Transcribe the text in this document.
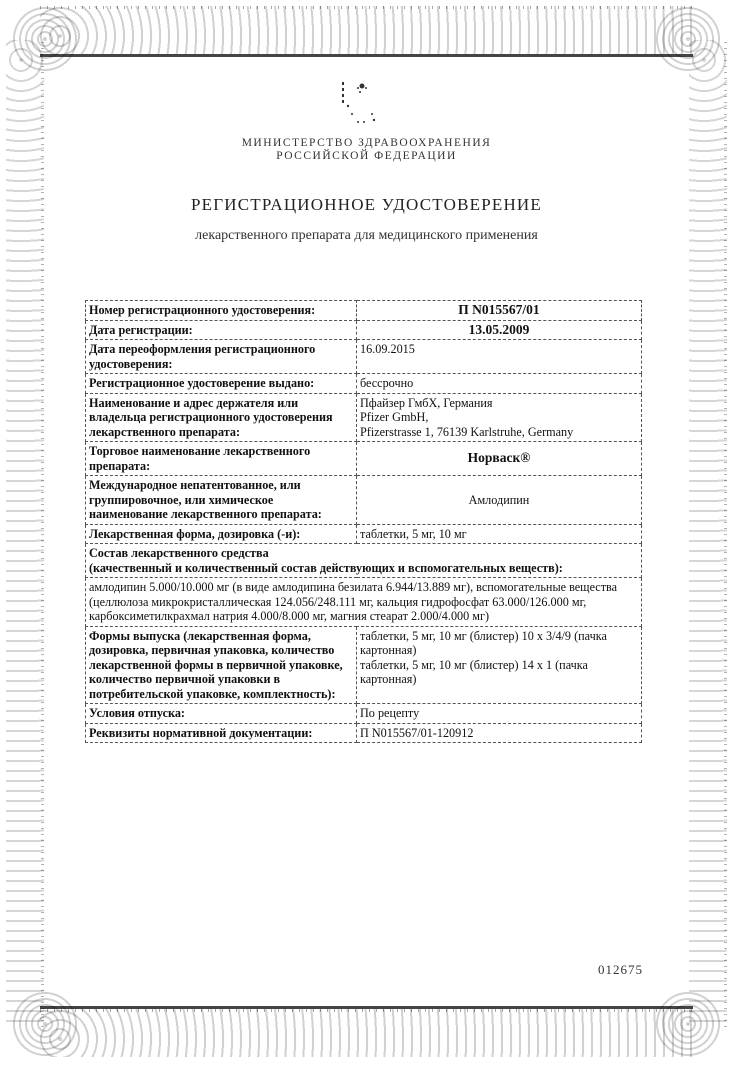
МИНИСТЕРСТВО ЗДРАВООХРАНЕНИЯ
РОССИЙСКОЙ ФЕДЕРАЦИИ
РЕГИСТРАЦИОННОЕ УДОСТОВЕРЕНИЕ
лекарственного препарата для медицинского применения
Номер регистрационного удостоверения:	П N015567/01
Дата регистрации:	13.05.2009
Дата переоформления регистрационного удостоверения:	16.09.2015
Регистрационное удостоверение выдано:	бессрочно
Наименование и адрес держателя или владельца регистрационного удостоверения лекарственного препарата:	Пфайзер ГмбХ, Германия
Pfizer GmbH,
Pfizerstrasse 1, 76139 Karlstruhe, Germany

Торговое наименование лекарственного препарата:	Норваск®
Международное непатентованное, или группировочное, или химическое наименование лекарственного препарата:	Амлодипин
Лекарственная форма, дозировка (-и):	таблетки, 5 мг, 10 мг

Состав лекарственного средства
(качественный и количественный состав действующих и вспомогательных веществ):	

амлодипин 5.000/10.000 мг (в виде амлодипина безилата 6.944/13.889 мг), вспомогательные вещества (целлюлоза микрокристаллическая 124.056/248.111 мг, кальция гидрофосфат 63.000/126.000 мг, карбоксиметилкрахмал натрия 4.000/8.000 мг, магния стеарат 2.000/4.000 мг)	
Формы выпуска (лекарственная форма, дозировка, первичная упаковка, количество лекарственной формы в первичной упаковке, количество первичной упаковки в потребительской упаковке, комплектность):	таблетки, 5 мг, 10 мг (блистер) 10 x 3/4/9 (пачка картонная)
таблетки, 5 мг, 10 мг (блистер) 14 x 1 (пачка картонная)

Условия отпуска:	По рецепту
Реквизиты нормативной документации:	П N015567/01-120912
012675
